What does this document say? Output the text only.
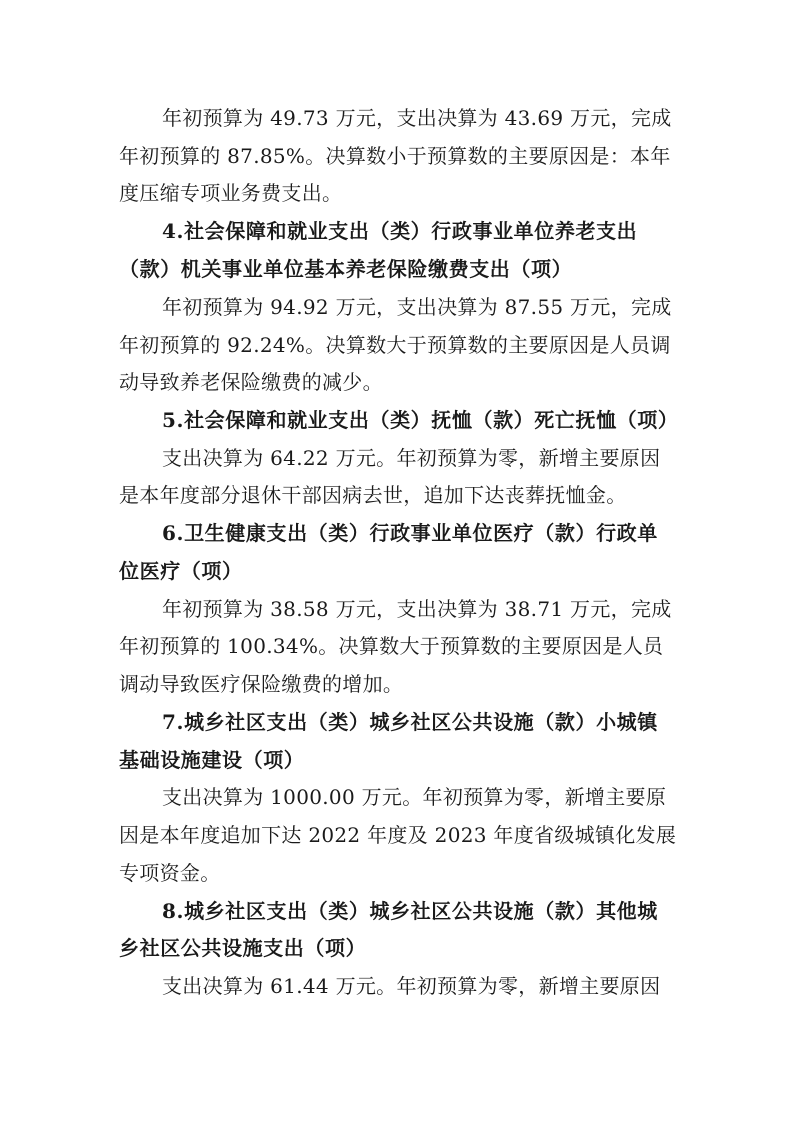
年初预算为 49.73 万元，支出决算为 43.69 万元，完成
年初预算的 87.85%。决算数小于预算数的主要原因是：本年
度压缩专项业务费支出。
4.社会保障和就业支出（类）行政事业单位养老支出
（款）机关事业单位基本养老保险缴费支出（项）
年初预算为 94.92 万元，支出决算为 87.55 万元，完成
年初预算的 92.24%。决算数大于预算数的主要原因是人员调
动导致养老保险缴费的减少。
5.社会保障和就业支出（类）抚恤（款）死亡抚恤（项）
支出决算为 64.22 万元。年初预算为零，新增主要原因
是本年度部分退休干部因病去世，追加下达丧葬抚恤金。
6.卫生健康支出（类）行政事业单位医疗（款）行政单
位医疗（项）
年初预算为 38.58 万元，支出决算为 38.71 万元，完成
年初预算的 100.34%。决算数大于预算数的主要原因是人员
调动导致医疗保险缴费的增加。
7.城乡社区支出（类）城乡社区公共设施（款）小城镇
基础设施建设（项）
支出决算为 1000.00 万元。年初预算为零，新增主要原
因是本年度追加下达 2022 年度及 2023 年度省级城镇化发展
专项资金。
8.城乡社区支出（类）城乡社区公共设施（款）其他城
乡社区公共设施支出（项）
支出决算为 61.44 万元。年初预算为零，新增主要原因
